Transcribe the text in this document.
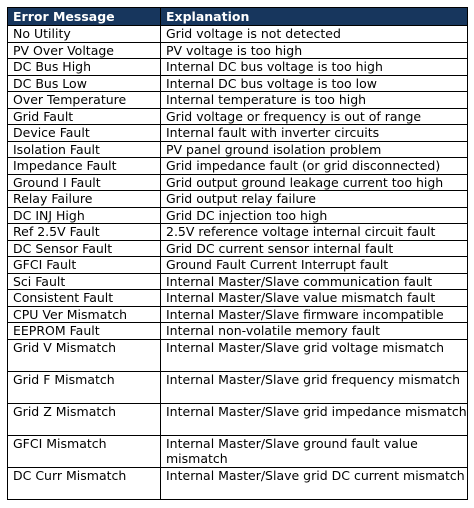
Error Message	Explanation
No Utility	Grid voltage is not detected
PV Over Voltage	PV voltage is too high
DC Bus High	Internal DC bus voltage is too high
DC Bus Low	Internal DC bus voltage is too low
Over Temperature	Internal temperature is too high
Grid Fault	Grid voltage or frequency is out of range
Device Fault	Internal fault with inverter circuits
Isolation Fault	PV panel ground isolation problem
Impedance Fault	Grid impedance fault (or grid disconnected)
Ground I Fault	Grid output ground leakage current too high
Relay Failure	Grid output relay failure
DC INJ High	Grid DC injection too high
Ref 2.5V Fault	2.5V reference voltage internal circuit fault
DC Sensor Fault	Grid DC current sensor internal fault
GFCI Fault	Ground Fault Current Interrupt fault
Sci Fault	Internal Master/Slave communication fault
Consistent Fault	Internal Master/Slave value mismatch fault
CPU Ver Mismatch	Internal Master/Slave firmware incompatible
EEPROM Fault	Internal non-volatile memory fault
Grid V Mismatch	Internal Master/Slave grid voltage mismatch
Grid F Mismatch	Internal Master/Slave grid frequency mismatch
Grid Z Mismatch	Internal Master/Slave grid impedance mismatch
GFCI Mismatch	Internal Master/Slave ground fault value mismatch
DC Curr Mismatch	Internal Master/Slave grid DC current mismatch
